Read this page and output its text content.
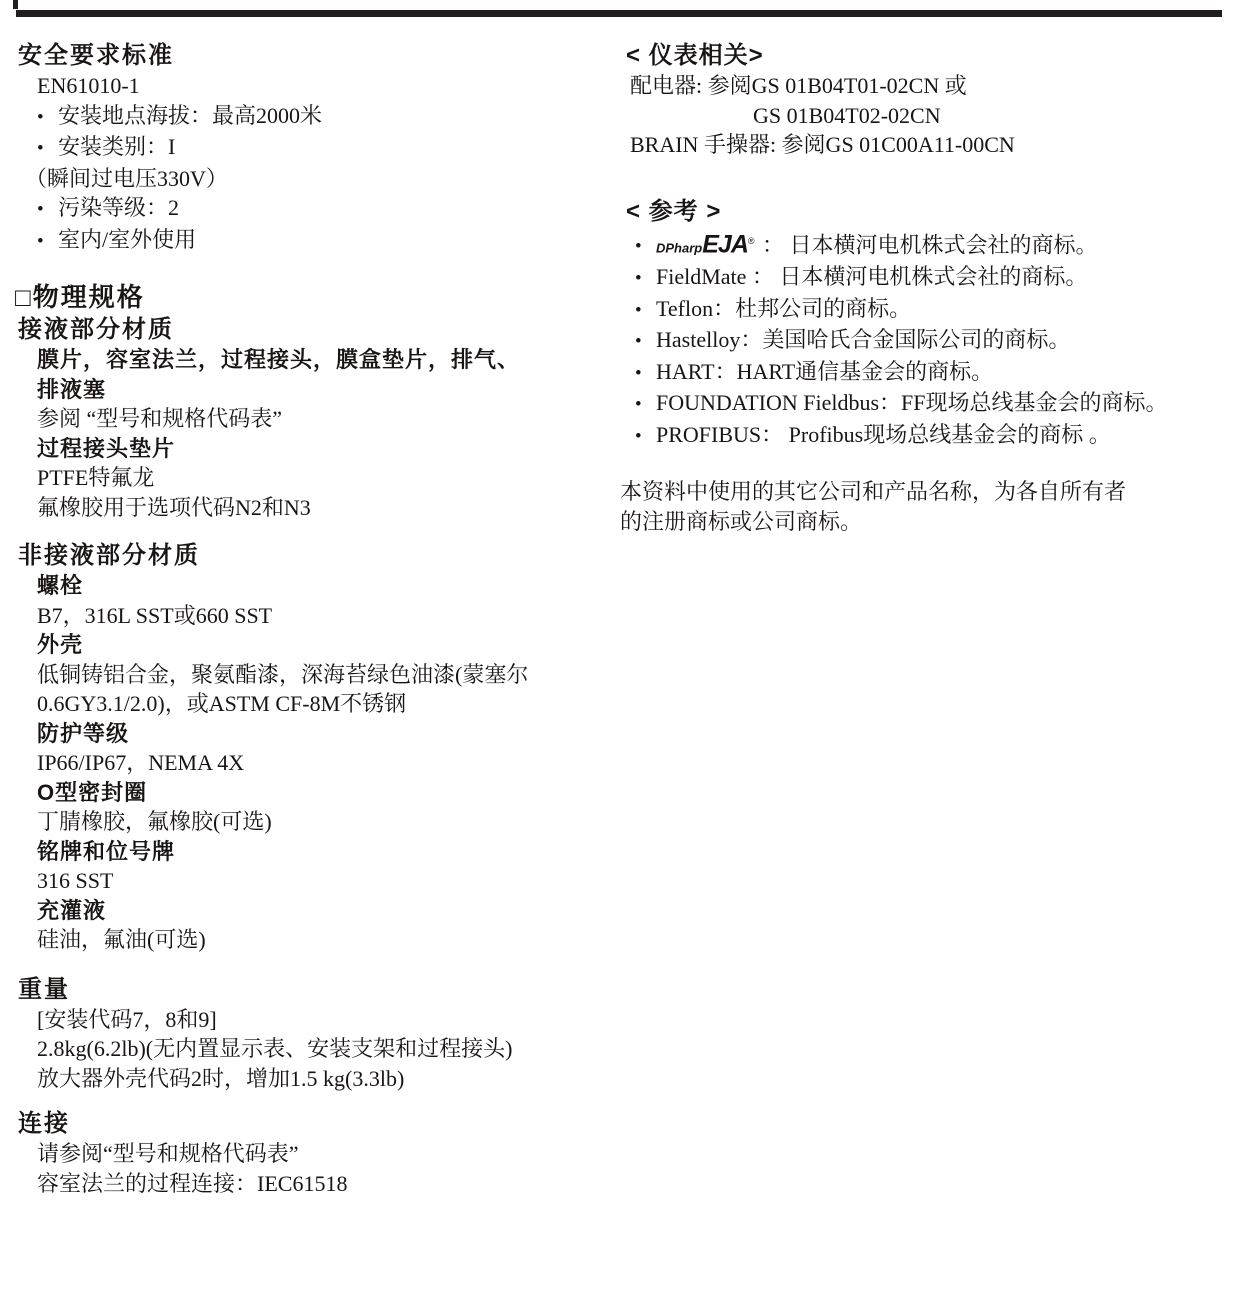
安全要求标准
EN61010-1
• 安装地点海拔：最高2000米
• 安装类别：I
（瞬间过电压330V）
• 污染等级：2
• 室内/室外使用
□物理规格
接液部分材质
膜片，容室法兰，过程接头，膜盒垫片，排气、
排液塞
参阅 “型号和规格代码表”
过程接头垫片
PTFE特氟龙
氟橡胶用于选项代码N2和N3
非接液部分材质
螺栓
B7，316L SST或660 SST
外壳
低铜铸铝合金，聚氨酯漆，深海苔绿色油漆(蒙塞尔
0.6GY3.1/2.0)，或ASTM CF-8M不锈钢
防护等级
IP66/IP67，NEMA 4X
O型密封圈
丁腈橡胶，氟橡胶(可选)
铭牌和位号牌
316 SST
充灌液
硅油，氟油(可选)
重量
[安装代码7，8和9]
2.8kg(6.2lb)(无内置显示表、安装支架和过程接头)
放大器外壳代码2时，增加1.5 kg(3.3lb)
连接
请参阅“型号和规格代码表”
容室法兰的过程连接：IEC61518
< 仪表相关>
配电器: 参阅GS 01B04T01-02CN 或
GS 01B04T02-02CN
BRAIN 手操器: 参阅GS 01C00A11-00CN
< 参考 >
• DPharpEJA® ： 日本横河电机株式会社的商标。
• FieldMate ： 日本横河电机株式会社的商标。
• Teflon：杜邦公司的商标。
• Hastelloy：美国哈氏合金国际公司的商标。
• HART：HART通信基金会的商标。
• FOUNDATION Fieldbus：FF现场总线基金会的商标。
• PROFIBUS： Profibus现场总线基金会的商标 。
本资料中使用的其它公司和产品名称，为各自所有者
的注册商标或公司商标。
